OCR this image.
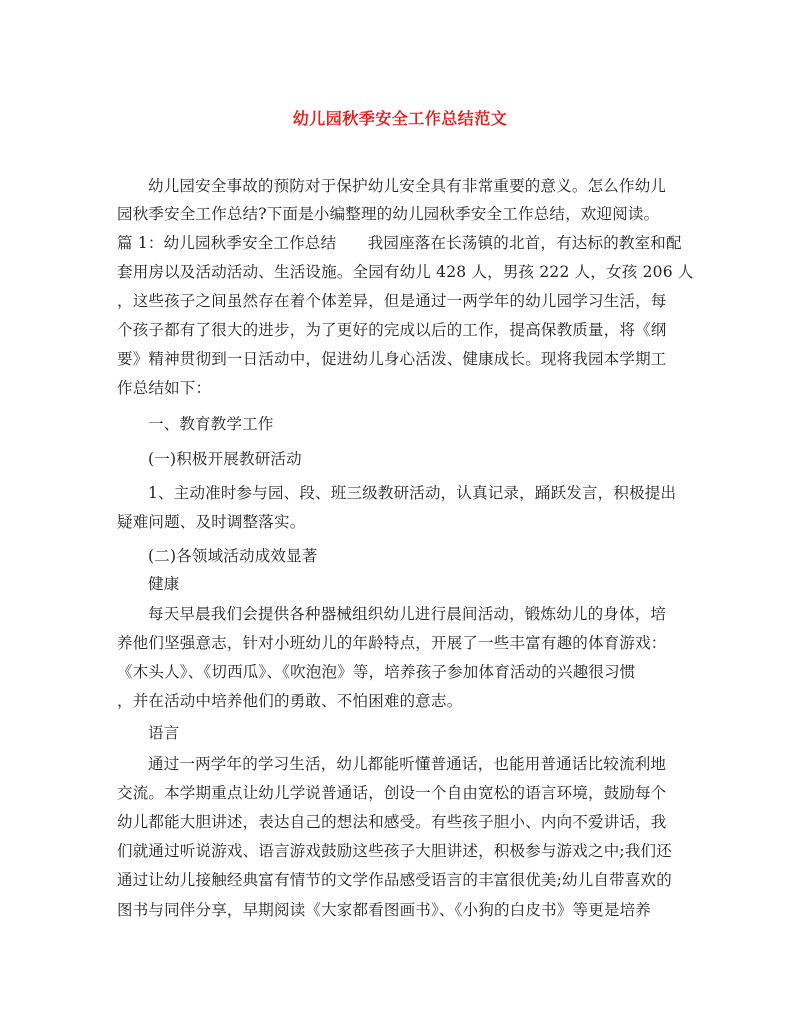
幼儿园秋季安全工作总结范文
幼儿园安全事故的预防对于保护幼儿安全具有非常重要的意义。怎么作幼儿
园秋季安全工作总结?下面是小编整理的幼儿园秋季安全工作总结，欢迎阅读。
篇 1：幼儿园秋季安全工作总结　　我园座落在长荡镇的北首，有达标的教室和配
套用房以及活动活动、生活设施。全园有幼儿 428 人，男孩 222 人，女孩 206 人
，这些孩子之间虽然存在着个体差异，但是通过一两学年的幼儿园学习生活，每
个孩子都有了很大的进步，为了更好的完成以后的工作，提高保教质量，将《纲
要》精神贯彻到一日活动中，促进幼儿身心活泼、健康成长。现将我园本学期工
作总结如下：
一、教育教学工作
(一)积极开展教研活动
1、主动准时参与园、段、班三级教研活动，认真记录，踊跃发言，积极提出
疑难问题、及时调整落实。
(二)各领域活动成效显著
健康
每天早晨我们会提供各种器械组织幼儿进行晨间活动，锻炼幼儿的身体，培
养他们坚强意志，针对小班幼儿的年龄特点，开展了一些丰富有趣的体育游戏：
《木头人》、《切西瓜》、《吹泡泡》等，培养孩子参加体育活动的兴趣很习惯
，并在活动中培养他们的勇敢、不怕困难的意志。
语言
通过一两学年的学习生活，幼儿都能听懂普通话，也能用普通话比较流利地
交流。本学期重点让幼儿学说普通话，创设一个自由宽松的语言环境，鼓励每个
幼儿都能大胆讲述，表达自己的想法和感受。有些孩子胆小、内向不爱讲话，我
们就通过听说游戏、语言游戏鼓励这些孩子大胆讲述，积极参与游戏之中;我们还
通过让幼儿接触经典富有情节的文学作品感受语言的丰富很优美;幼儿自带喜欢的
图书与同伴分享，早期阅读《大家都看图画书》、《小狗的白皮书》等更是培养
